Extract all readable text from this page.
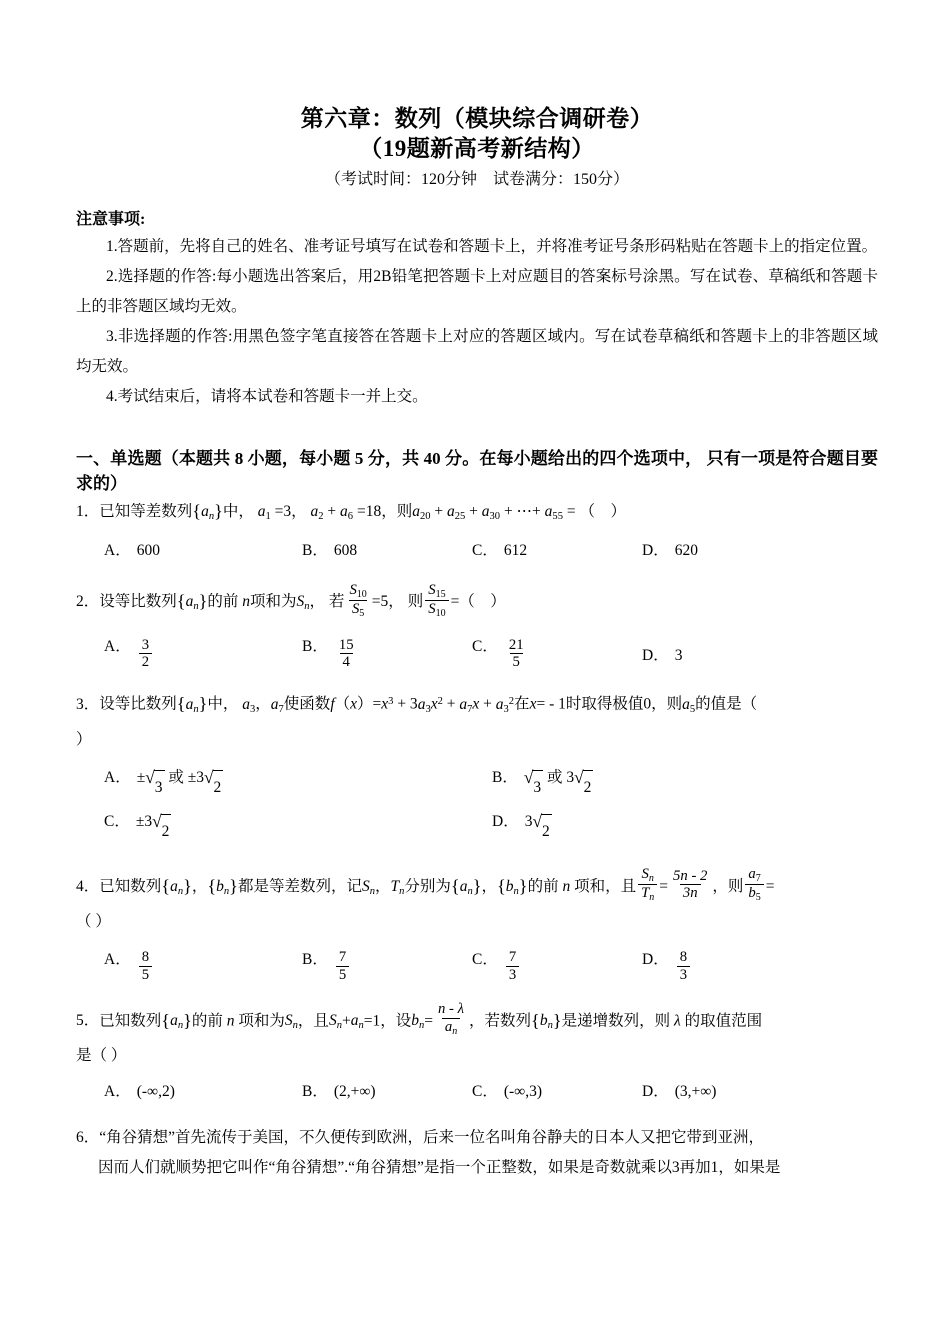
第六章：数列（模块综合调研卷）
（19题新高考新结构）
（考试时间：120分钟　试卷满分：150分）
注意事项:
1.答题前，先将自己的姓名、准考证号填写在试卷和答题卡上，并将准考证号条形码粘贴在答题卡上的指定位置。
2.选择题的作答:每小题选出答案后，用2B铅笔把答题卡上对应题目的答案标号涂黑。写在试卷、草稿纸和答题卡上的非答题区域均无效。
3.非选择题的作答:用黑色签字笔直接答在答题卡上对应的答题区域内。写在试卷草稿纸和答题卡上的非答题区域均无效。
4.考试结束后，请将本试卷和答题卡一并上交。
一、单选题（本题共 8 小题，每小题 5 分，共 40 分。在每小题给出的四个选项中， 只有一项是符合题目要求的）
1．已知等差数列$\{a_n\}$中， $a_1 =3$， $a_2 + a_6 =18$，则$a_{20} + a_{25} + a_{30}$ + ⋯+ $a_{55}$ = （　）
A． 600	B． 608	C． 612	D． 620
2．设等比数列$\{a_n\}$的前 n项和为$S_n$， 若 $\frac{S_{10}}{S_5} =5$， 则 $\frac{S_{15}}{S_{10}}$ =（　）
A． $\frac{3}{2}$	B． $\frac{15}{4}$	C． $\frac{21}{5}$	D． 3
3．设等比数列$\{a_n\}$中， $a_3$，$a_7$使函数$f(x)=x^3 + 3a_3x^2 + a_7x + a_3^2$在x= - 1时取得极值0，则$a_5$的值是（
）
A． ± √
3
或 ±3 √
2
B． √
3
或 3 √
2
C． ±3 √
2
D． 3 √
2
4．已知数列$\{a_n\}$，$\{b_n\}$都是等差数列，记$S_n$，$T_n$分别为$\{a_n\}$，$\{b_n\}$的前 n 项和，且 $\frac{S_n}{T_n} = \frac{5n - 2}{3n}$ ，则 $\frac{a_7}{b_5}$ =
（ ）
A． $\frac{8}{5}$	B． $\frac{7}{5}$	C． $\frac{7}{3}$	D． $\frac{8}{3}$
5．已知数列$\{a_n\}$的前 n 项和为$S_n$，且$S_n+a_n=1$，设$b_n= \frac{n - \lambda}{a_n}$ ，若数列$\{b_n\}$是递增数列，则 λ 的取值范围
是（ ）
A． (-∞,2)	B． (2,+∞)	C． (-∞,3)	D． (3,+∞)
6．“角谷猜想”首先流传于美国，不久便传到欧洲，后来一位名叫角谷静夫的日本人又把它带到亚洲，
因而人们就顺势把它叫作“角谷猜想”.“角谷猜想”是指一个正整数，如果是奇数就乘以3再加1，如果是
